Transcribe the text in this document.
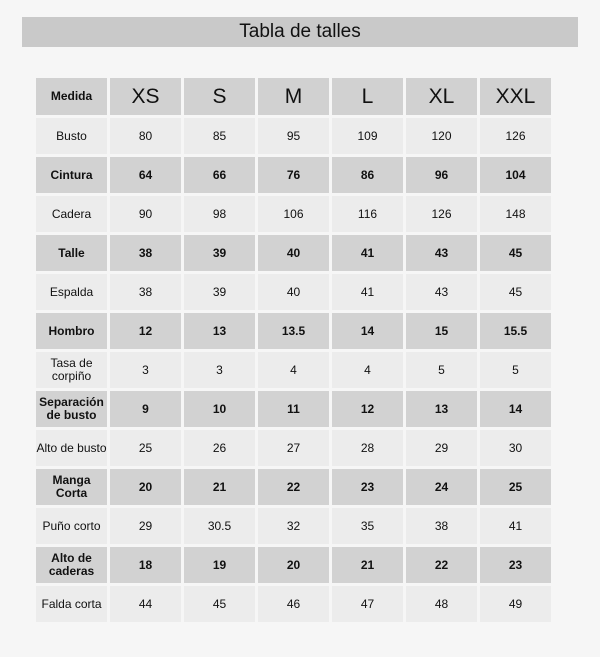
Tabla de talles
Medida	XS	S	M	L	XL	XXL
Busto	80	85	95	109	120	126
Cintura	64	66	76	86	96	104
Cadera	90	98	106	116	126	148
Talle	38	39	40	41	43	45
Espalda	38	39	40	41	43	45
Hombro	12	13	13.5	14	15	15.5
Tasa de corpiño	3	3	4	4	5	5
Separación de busto	9	10	11	12	13	14
Alto de busto	25	26	27	28	29	30
Manga Corta	20	21	22	23	24	25
Puño corto	29	30.5	32	35	38	41
Alto de caderas	18	19	20	21	22	23
Falda corta	44	45	46	47	48	49
